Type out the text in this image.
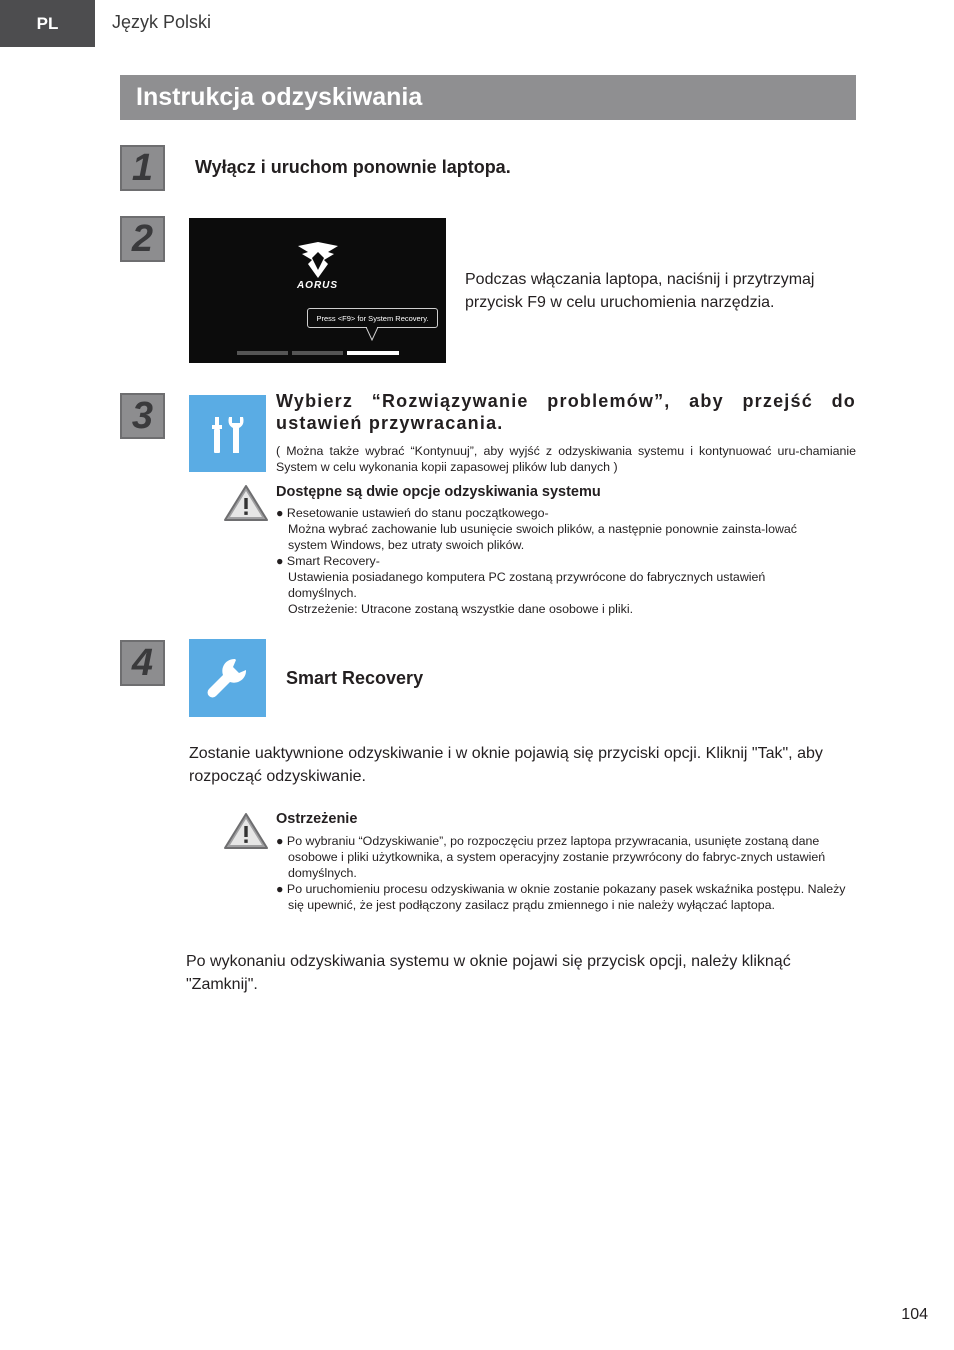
PL	Język Polski
Instrukcja odzyskiwania
1	Wyłącz i uruchom ponownie laptopa.
2
AORUS
Press <F9> for System Recovery.
Podczas włączania laptopa, naciśnij i przytrzymaj przycisk F9 w celu uruchomienia narzędzia.
3	Wybierz “Rozwiązywanie problemów”, aby przejść do ustawień przywracania.
( Można także wybrać “Kontynuuj”, aby wyjść z odzyskiwania systemu i kontynuować uru-chamianie System w celu wykonania kopii zapasowej plików lub danych )
Dostępne są dwie opcje odzyskiwania systemu
● Resetowanie ustawień do stanu początkowego-
Można wybrać zachowanie lub usunięcie swoich plików, a następnie ponownie zainsta-lować system Windows, bez utraty swoich plików.
● Smart Recovery-
Ustawienia posiadanego komputera PC zostaną przywrócone do fabrycznych ustawień domyślnych.
Ostrzeżenie: Utracone zostaną wszystkie dane osobowe i pliki.
4	Smart Recovery
Zostanie uaktywnione odzyskiwanie i w oknie pojawią się przyciski opcji. Kliknij "Tak", aby rozpocząć odzyskiwanie.
Ostrzeżenie
● Po wybraniu “Odzyskiwanie”, po rozpoczęciu przez laptopa przywracania, usunięte zostaną dane osobowe i pliki użytkownika, a system operacyjny zostanie przywrócony do fabryc-znych ustawień domyślnych.
● Po uruchomieniu procesu odzyskiwania w oknie zostanie pokazany pasek wskaźnika postępu. Należy się upewnić, że jest podłączony zasilacz prądu zmiennego i nie należy wyłączać laptopa.
Po wykonaniu odzyskiwania systemu w oknie pojawi się przycisk opcji, należy kliknąć "Zamknij".
104
